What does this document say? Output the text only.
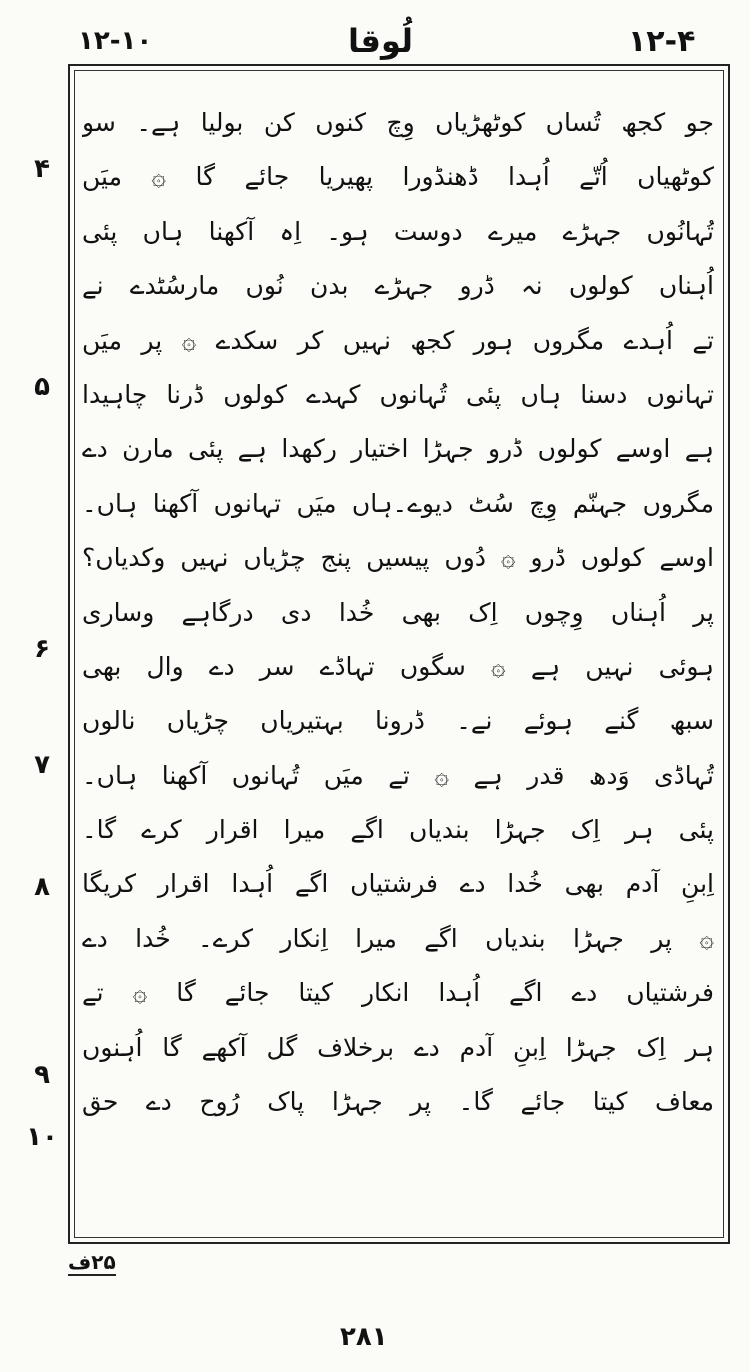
۱۲-۱۰	لُوقا	۱۲-۴
۴
۵
۶
۷
۸
۹
۱۰
جو کجھ تُساں کوٹھڑیاں وِچ کنوں کن بولیا ہے۔ سو
کوٹھیاں اُتّے اُہدا ڈھنڈورا پھیریا جائے گا ۞ میَں
تُہانُوں جہڑے میرے دوست ہو۔ اِہ آکھنا ہاں پئی
اُہناں کولوں نہ ڈرو جہڑے بدن نُوں مارسُٹدے نے
تے اُہدے مگروں ہور کجھ نہیں کر سکدے ۞ پر میَں
تہانوں دسنا ہاں پئی تُہانوں کہدے کولوں ڈرنا چاہیدا
ہے اوسے کولوں ڈرو جہڑا اختیار رکھدا ہے پئی مارن دے
مگروں جہنّم وِچ سُٹ دیوے۔ہاں میَں تہانوں آکھنا ہاں۔
اوسے کولوں ڈرو ۞ دُوں پیسیں پنج چڑیاں نہیں وکدیاں؟
پر اُہناں وِچوں اِک بھی خُدا دی درگاہے وساری
ہوئی نہیں ہے ۞ سگوں تہاڈے سر دے وال بھی
سبھ گنے ہوئے نے۔ ڈرونا بہتیریاں چڑیاں نالوں
تُہاڈی وَدھ قدر ہے ۞ تے میَں تُہانوں آکھنا ہاں۔
پئی ہر اِک جہڑا بندیاں اگے میرا اقرار کرے گا۔
اِبنِ آدم بھی خُدا دے فرشتیاں اگے اُہدا اقرار کریگا
۞ پر جہڑا بندیاں اگے میرا اِنکار کرے۔ خُدا دے
فرشتیاں دے اگے اُہدا انکار کیتا جائے گا ۞ تے
ہر اِک جہڑا اِبنِ آدم دے برخلاف گل آکھے گا اُہنوں
معاف کیتا جائے گا۔ پر جہڑا پاک رُوح دے حق
۲۵ف
۲۸۱
